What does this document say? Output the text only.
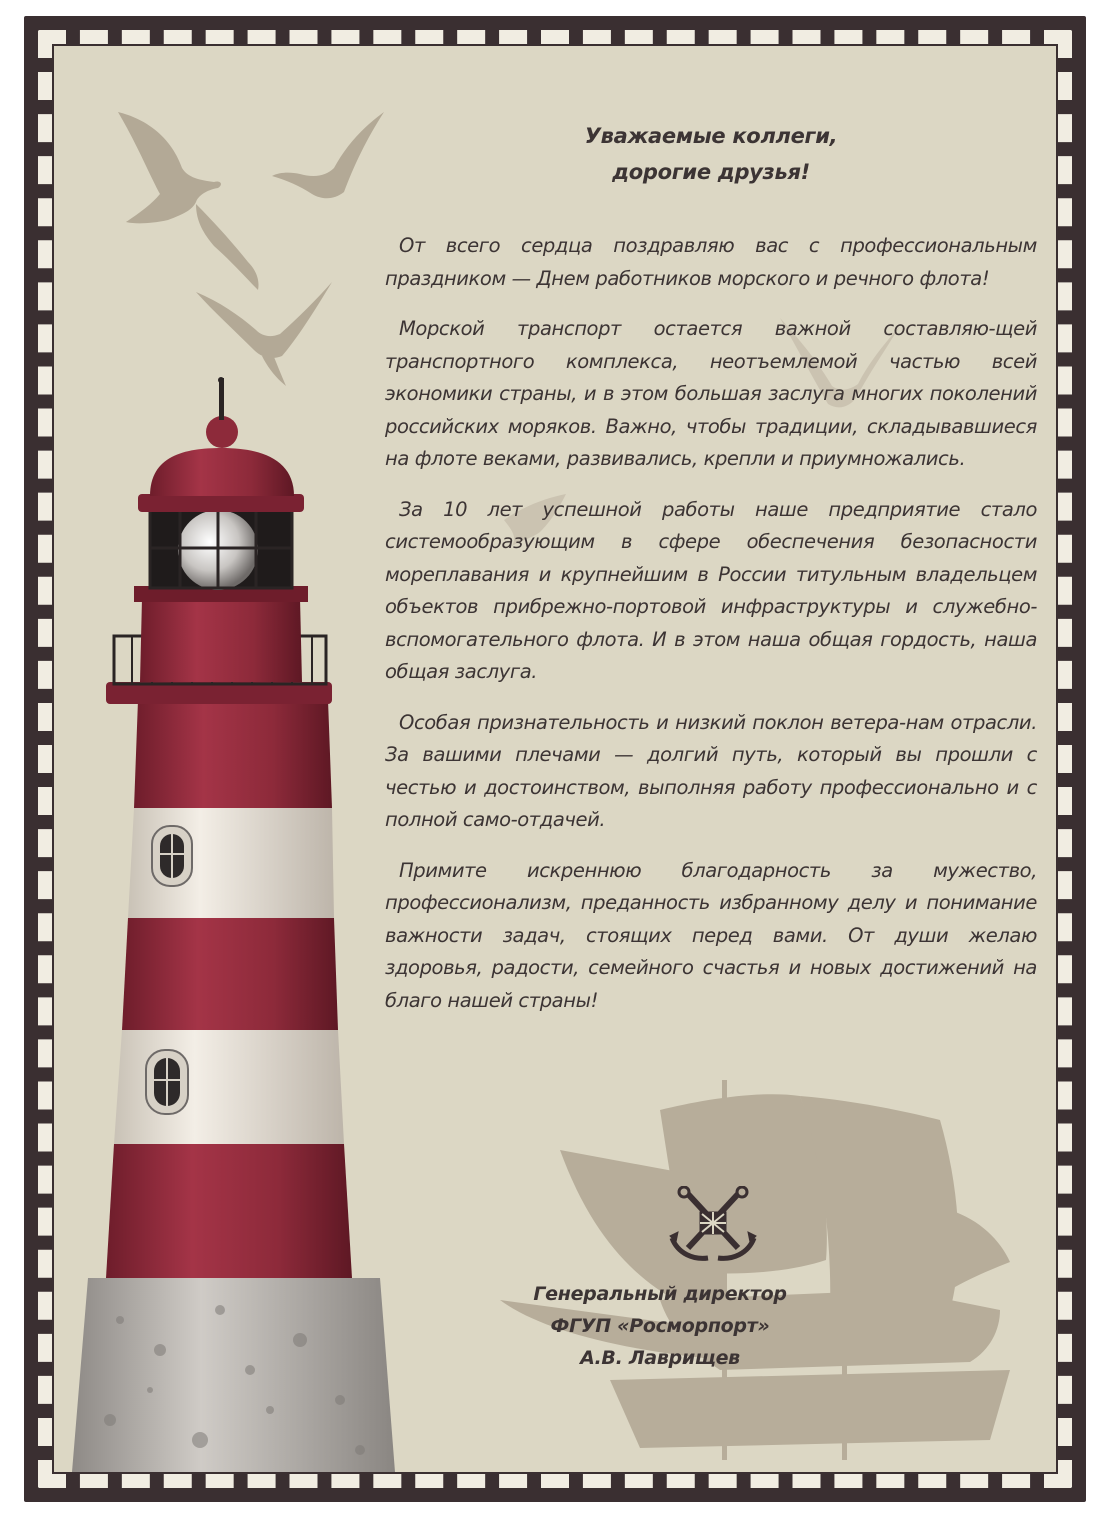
Уважаемые коллеги,
дорогие друзья!

От всего сердца поздравляю вас с профессиональным праздником — Днем работников морского и речного флота!

Морской транспорт остается важной составляю-щей транспортного комплекса, неотъемлемой частью всей экономики страны, и в этом большая заслуга многих поколений российских моряков. Важно, чтобы традиции, складывавшиеся на флоте веками, развивались, крепли и приумножались.

За 10 лет успешной работы наше предприятие стало системообразующим в сфере обеспечения безопасности мореплавания и крупнейшим в России титульным владельцем объектов прибрежно-портовой инфраструктуры и служебно-вспомогательного флота. И в этом наша общая гордость, наша общая заслуга.

Особая признательность и низкий поклон ветера-нам отрасли. За вашими плечами — долгий путь, который вы прошли с честью и достоинством, выполняя работу профессионально и с полной само-отдачей.

Примите искреннюю благодарность за мужество, профессионализм, преданность избранному делу и понимание важности задач, стоящих перед вами. От души желаю здоровья, радости, семейного счастья и новых достижений на благо нашей страны!

Генеральный директор
ФГУП «Росморпорт»
А.В. Лаврищев
